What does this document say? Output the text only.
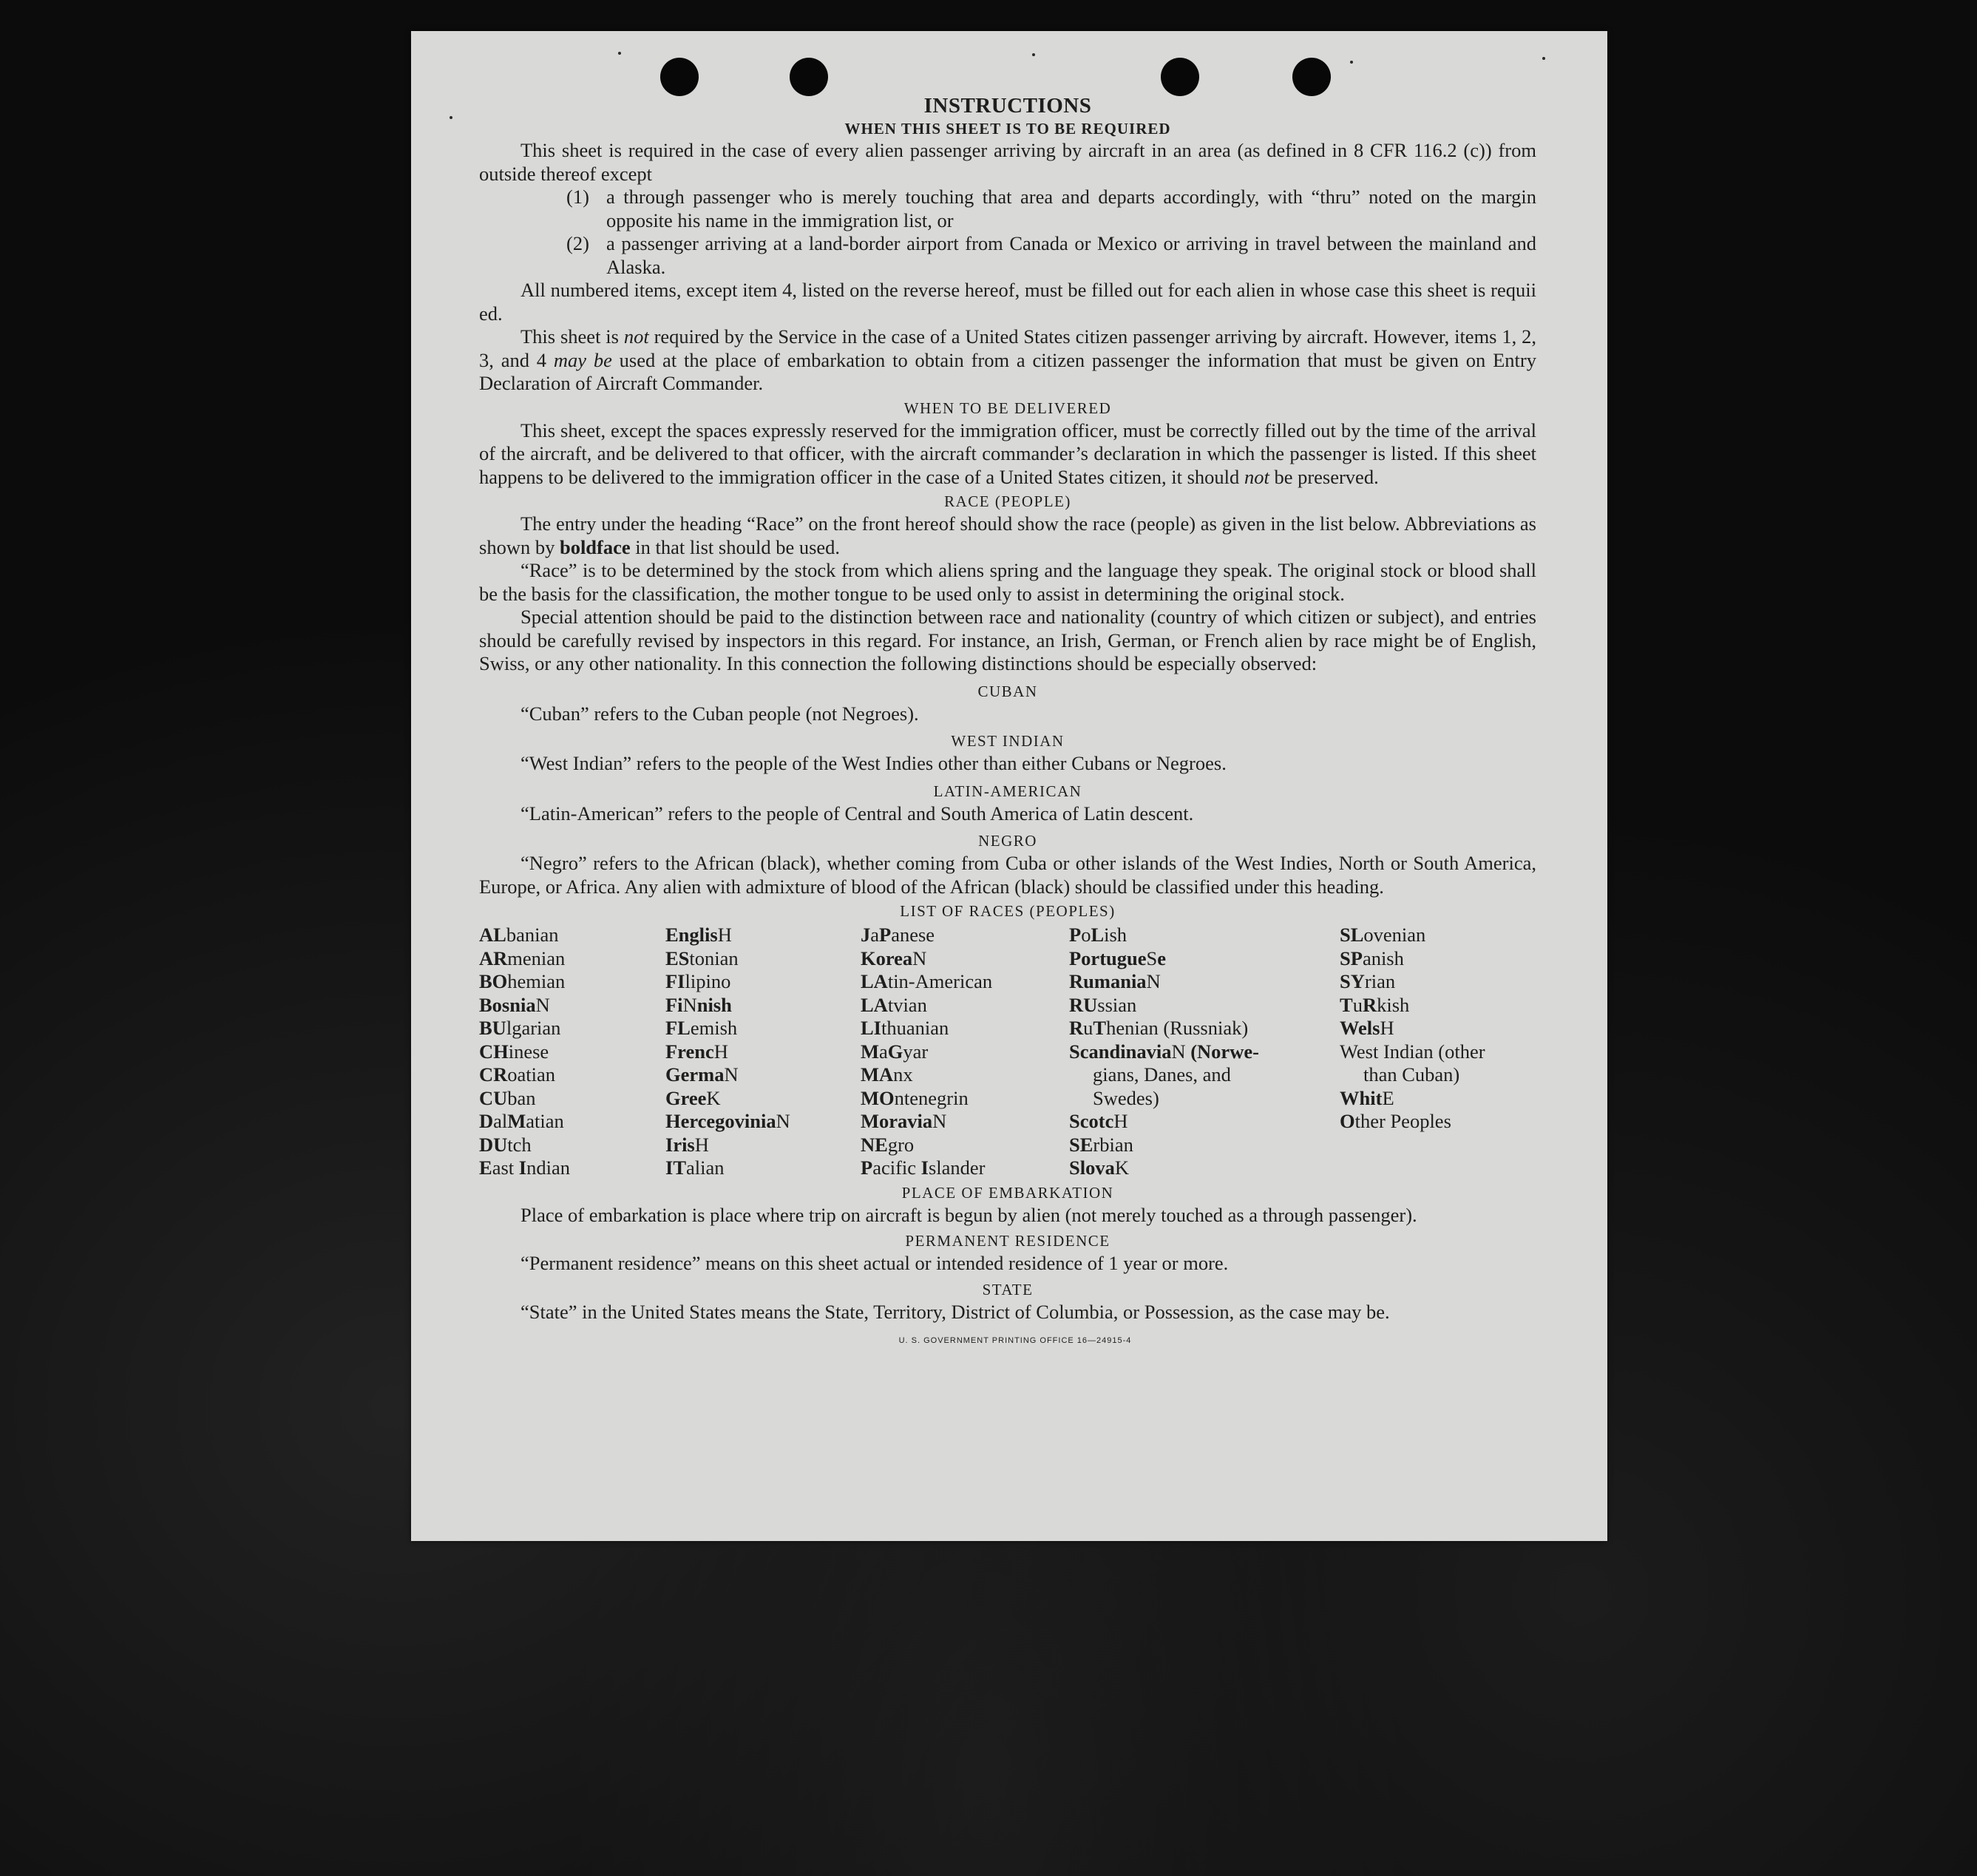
INSTRUCTIONS
WHEN THIS SHEET IS TO BE REQUIRED

This sheet is required in the case of every alien passenger arriving by aircraft in an area (as defined in 8 CFR 116.2 (c)) from outside thereof except

(1) a through passenger who is merely touching that area and departs accordingly, with “thru” noted on the margin opposite his name in the immigration list, or
(2) a passenger arriving at a land-border airport from Canada or Mexico or arriving in travel between the mainland and Alaska.

All numbered items, except item 4, listed on the reverse hereof, must be filled out for each alien in whose case this sheet is requii ed.

This sheet is not required by the Service in the case of a United States citizen passenger arriving by aircraft. However, items 1, 2, 3, and 4 may be used at the place of embarkation to obtain from a citizen passenger the information that must be given on Entry Declaration of Aircraft Commander.

WHEN TO BE DELIVERED

This sheet, except the spaces expressly reserved for the immigration officer, must be correctly filled out by the time of the arrival of the aircraft, and be delivered to that officer, with the aircraft commander’s declaration in which the passenger is listed. If this sheet happens to be delivered to the immigration officer in the case of a United States citizen, it should not be preserved.

RACE (PEOPLE)

The entry under the heading “Race” on the front hereof should show the race (people) as given in the list below. Abbreviations as shown by boldface in that list should be used.

“Race” is to be determined by the stock from which aliens spring and the language they speak. The original stock or blood shall be the basis for the classification, the mother tongue to be used only to assist in determining the original stock.

Special attention should be paid to the distinction between race and nationality (country of which citizen or subject), and entries should be carefully revised by inspectors in this regard. For instance, an Irish, German, or French alien by race might be of English, Swiss, or any other nationality. In this connection the following distinctions should be especially observed:

CUBAN

“Cuban” refers to the Cuban people (not Negroes).

WEST INDIAN

“West Indian” refers to the people of the West Indies other than either Cubans or Negroes.

LATIN-AMERICAN

“Latin-American” refers to the people of Central and South America of Latin descent.

NEGRO

“Negro” refers to the African (black), whether coming from Cuba or other islands of the West Indies, North or South America, Europe, or Africa. Any alien with admixture of blood of the African (black) should be classified under this heading.

LIST OF RACES (PEOPLES)
ALbanian
ARmenian
BOhemian
BosniaN
BUlgarian
CHinese
CRoatian
CUban
DalMatian
DUtch
East Indian
EnglisH
EStonian
FIlipino
FiNnish
FLemish
FrencH
GermaN
GreeK
HercegoviniaN
IrisH
ITalian
JaPanese
KoreaN
LAtin-American
LAtvian
LIthuanian
MaGyar
MAnx
MOntenegrin
MoraviaN
NEgro
Pacific Islander
PoLish
PortugueSe
RumaniaN
RUssian
RuThenian (Russniak)
ScandinaviaN (Norwe-
gians, Danes, and
Swedes)
ScotcH
SErbian
SlovaK
SLovenian
SPanish
SYrian
TuRkish
WelsH
West Indian (other
than Cuban)
WhitE
Other Peoples
PLACE OF EMBARKATION

Place of embarkation is place where trip on aircraft is begun by alien (not merely touched as a through passenger).

PERMANENT RESIDENCE

“Permanent residence” means on this sheet actual or intended residence of 1 year or more.

STATE

“State” in the United States means the State, Territory, District of Columbia, or Possession, as the case may be.

U. S. GOVERNMENT PRINTING OFFICE 16—24915-4
